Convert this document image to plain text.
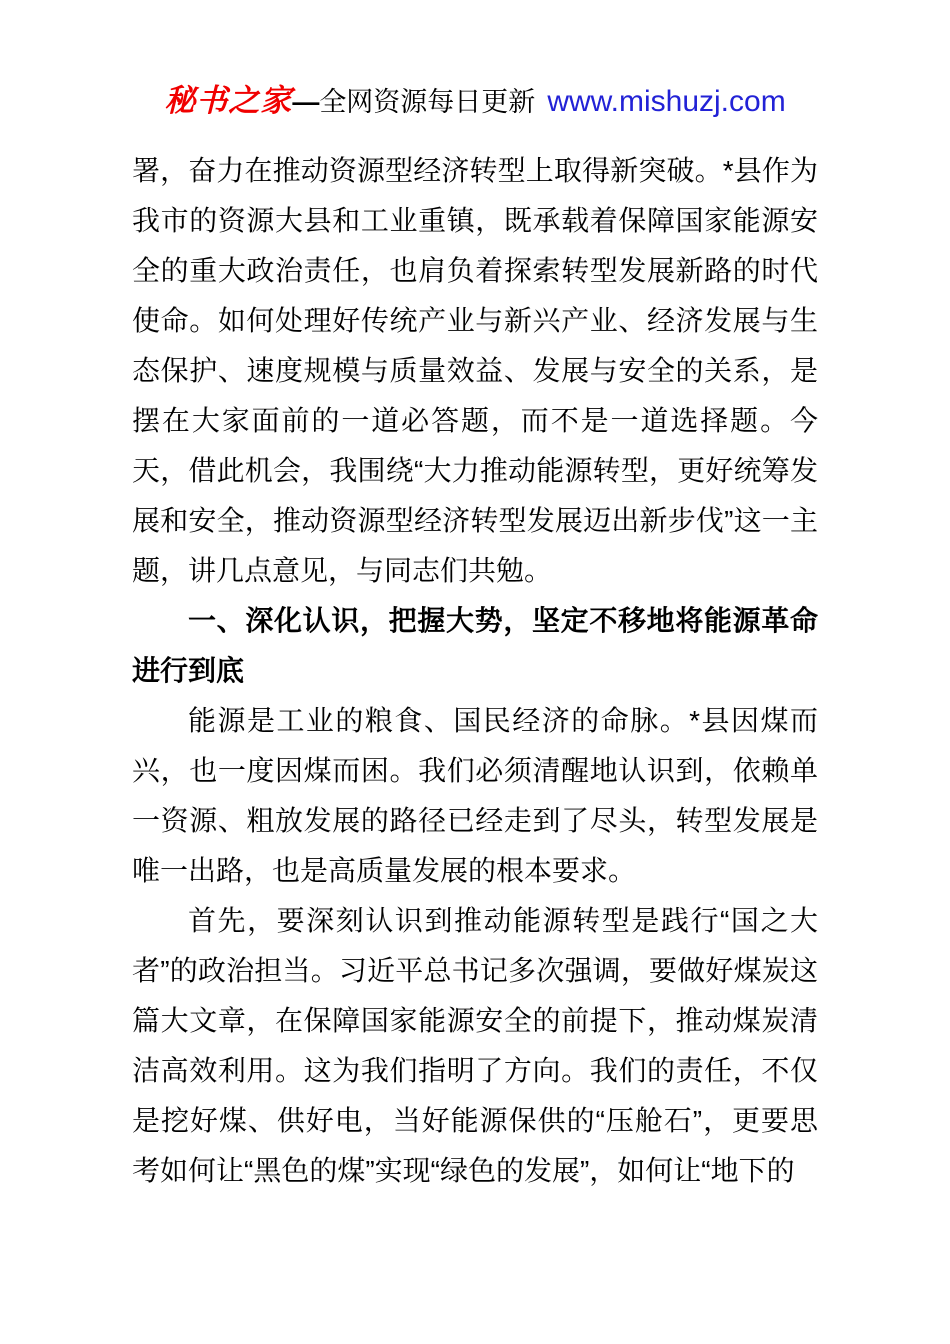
秘书之家—全网资源每日更新 www.mishuzj.com

署，奋力在推动资源型经济转型上取得新突破。*县作为我市的资源大县和工业重镇，既承载着保障国家能源安全的重大政治责任，也肩负着探索转型发展新路的时代使命。如何处理好传统产业与新兴产业、经济发展与生态保护、速度规模与质量效益、发展与安全的关系，是摆在大家面前的一道必答题，而不是一道选择题。今天，借此机会，我围绕“大力推动能源转型，更好统筹发展和安全，推动资源型经济转型发展迈出新步伐”这一主题，讲几点意见，与同志们共勉。

一、深化认识，把握大势，坚定不移地将能源革命进行到底

能源是工业的粮食、国民经济的命脉。*县因煤而兴，也一度因煤而困。我们必须清醒地认识到，依赖单一资源、粗放发展的路径已经走到了尽头，转型发展是唯一出路，也是高质量发展的根本要求。

首先，要深刻认识到推动能源转型是践行“国之大者”的政治担当。习近平总书记多次强调，要做好煤炭这篇大文章，在保障国家能源安全的前提下，推动煤炭清洁高效利用。这为我们指明了方向。我们的责任，不仅是挖好煤、供好电，当好能源保供的“压舱石”，更要思考如何让“黑色的煤”实现“绿色的发展”，如何让“地下的
